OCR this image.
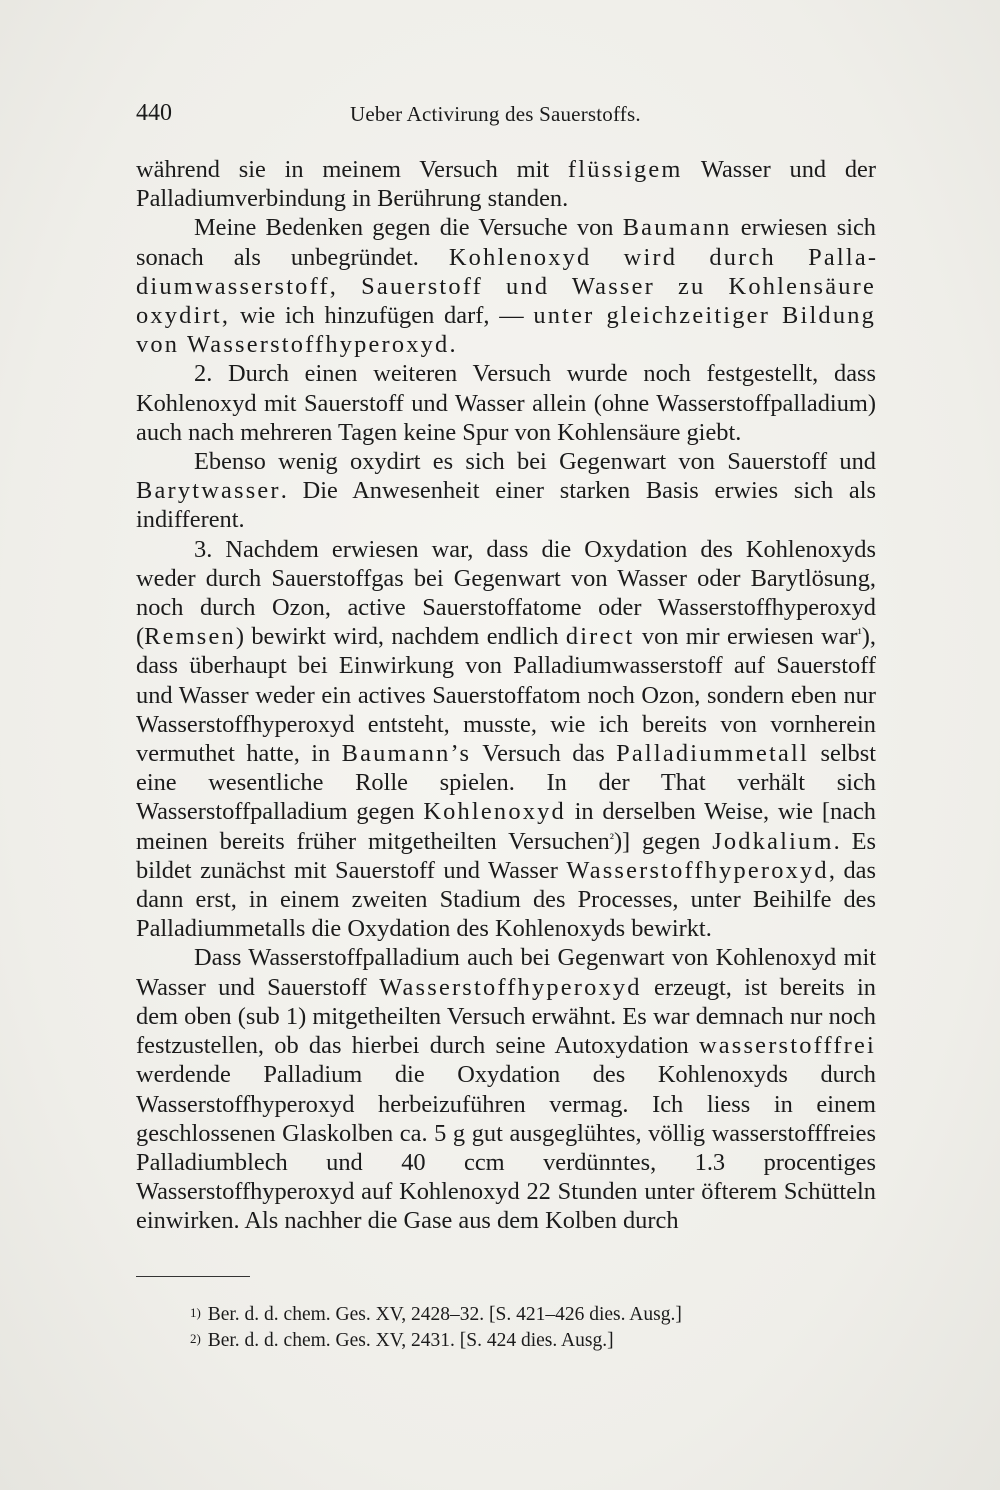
440	Ueber Activirung des Sauerstoffs.

während sie in meinem Versuch mit flüssigem Wasser und der Palladiumverbindung in Berührung standen.

Meine Bedenken gegen die Versuche von Baumann erwiesen sich sonach als unbegründet. Kohlenoxyd wird durch Palladiumwasserstoff, Sauerstoff und Wasser zu Kohlensäure oxydirt, wie ich hinzufügen darf, — unter gleichzeitiger Bildung von Wasserstoffhyperoxyd.

2. Durch einen weiteren Versuch wurde noch festgestellt, dass Kohlenoxyd mit Sauerstoff und Wasser allein (ohne Wasserstoffpalladium) auch nach mehreren Tagen keine Spur von Kohlensäure giebt.

Ebenso wenig oxydirt es sich bei Gegenwart von Sauerstoff und Barytwasser. Die Anwesenheit einer starken Basis erwies sich als indifferent.

3. Nachdem erwiesen war, dass die Oxydation des Kohlenoxyds weder durch Sauerstoffgas bei Gegenwart von Wasser oder Barytlösung, noch durch Ozon, active Sauerstoffatome oder Wasserstoffhyperoxyd (Remsen) bewirkt wird, nachdem endlich direct von mir erwiesen war$^{^1}$), dass überhaupt bei Einwirkung von Palladiumwasserstoff auf Sauerstoff und Wasser weder ein actives Sauerstoffatom noch Ozon, sondern eben nur Wasserstoffhyperoxyd entsteht, musste, wie ich bereits von vornherein vermuthet hatte, in Baumann’s Versuch das Palladiummetall selbst eine wesentliche Rolle spielen. In der That verhält sich Wasserstoffpalladium gegen Kohlenoxyd in derselben Weise, wie [nach meinen bereits früher mitgetheilten Versuchen$^{^2}$)] gegen Jodkalium. Es bildet zunächst mit Sauerstoff und Wasser Wasserstoffhyperoxyd, das dann erst, in einem zweiten Stadium des Processes, unter Beihilfe des Palladiummetalls die Oxydation des Kohlenoxyds bewirkt.

Dass Wasserstoffpalladium auch bei Gegenwart von Kohlenoxyd mit Wasser und Sauerstoff Wasserstoffhyperoxyd erzeugt, ist bereits in dem oben (sub 1) mitgetheilten Versuch erwähnt. Es war demnach nur noch festzustellen, ob das hierbei durch seine Autoxydation wasserstofffrei werdende Palladium die Oxydation des Kohlenoxyds durch Wasserstoffhyperoxyd herbeizuführen vermag. Ich liess in einem geschlossenen Glaskolben ca. 5 g gut ausgeglühtes, völlig wasserstofffreies Palladiumblech und 40 ccm verdünntes, 1.3 procentiges Wasserstoffhyperoxyd auf Kohlenoxyd 22 Stunden unter öfterem Schütteln einwirken. Als nachher die Gase aus dem Kolben durch

$^{1)}$ Ber. d. d. chem. Ges. XV, 2428–32. [S. 421–426 dies. Ausg.]
$^{2)}$ Ber. d. d. chem. Ges. XV, 2431. [S. 424 dies. Ausg.]
